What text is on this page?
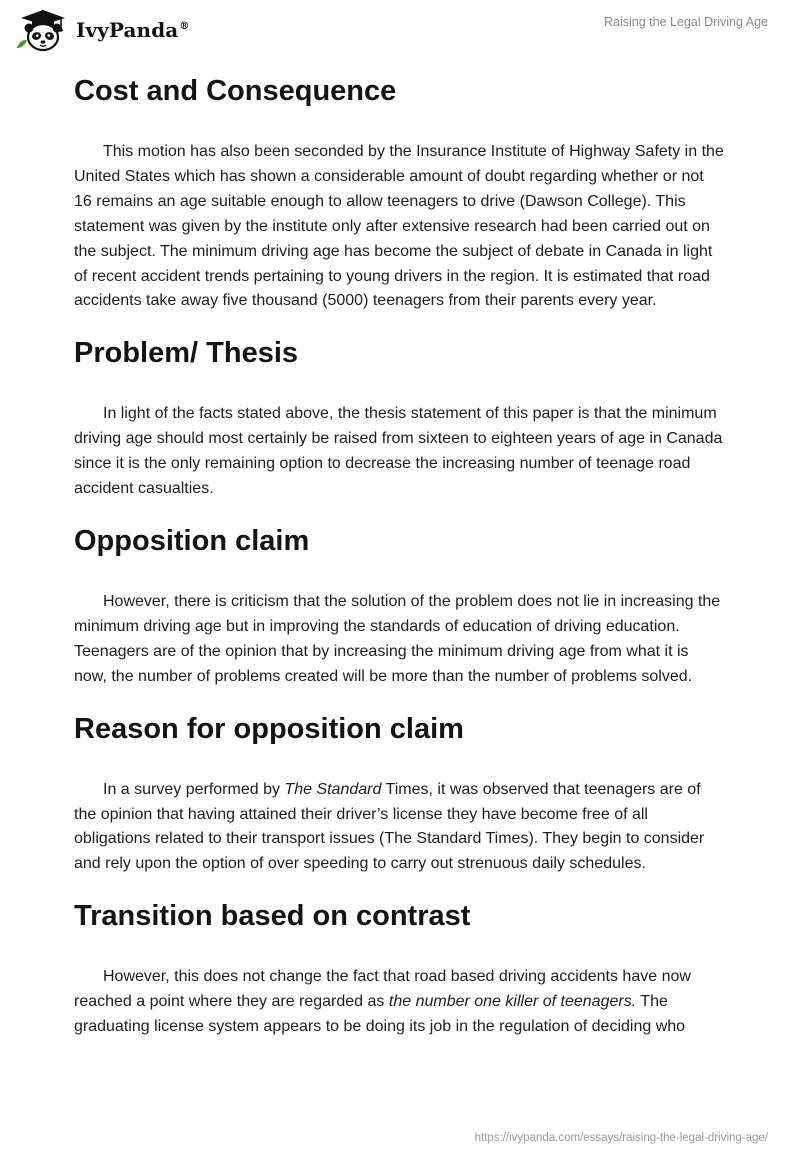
IvyPanda®	Raising the Legal Driving Age
Cost and Consequence

This motion has also been seconded by the Insurance Institute of Highway Safety in the United States which has shown a considerable amount of doubt regarding whether or not 16 remains an age suitable enough to allow teenagers to drive (Dawson College). This statement was given by the institute only after extensive research had been carried out on the subject. The minimum driving age has become the subject of debate in Canada in light of recent accident trends pertaining to young drivers in the region. It is estimated that road accidents take away five thousand (5000) teenagers from their parents every year.

Problem/ Thesis

In light of the facts stated above, the thesis statement of this paper is that the minimum driving age should most certainly be raised from sixteen to eighteen years of age in Canada since it is the only remaining option to decrease the increasing number of teenage road accident casualties.

Opposition claim

However, there is criticism that the solution of the problem does not lie in increasing the minimum driving age but in improving the standards of education of driving education. Teenagers are of the opinion that by increasing the minimum driving age from what it is now, the number of problems created will be more than the number of problems solved.

Reason for opposition claim

In a survey performed by The Standard Times, it was observed that teenagers are of the opinion that having attained their driver’s license they have become free of all obligations related to their transport issues (The Standard Times). They begin to consider and rely upon the option of over speeding to carry out strenuous daily schedules.

Transition based on contrast

However, this does not change the fact that road based driving accidents have now reached a point where they are regarded as the number one killer of teenagers. The graduating license system appears to be doing its job in the regulation of deciding who

https://ivypanda.com/essays/raising-the-legal-driving-age/
